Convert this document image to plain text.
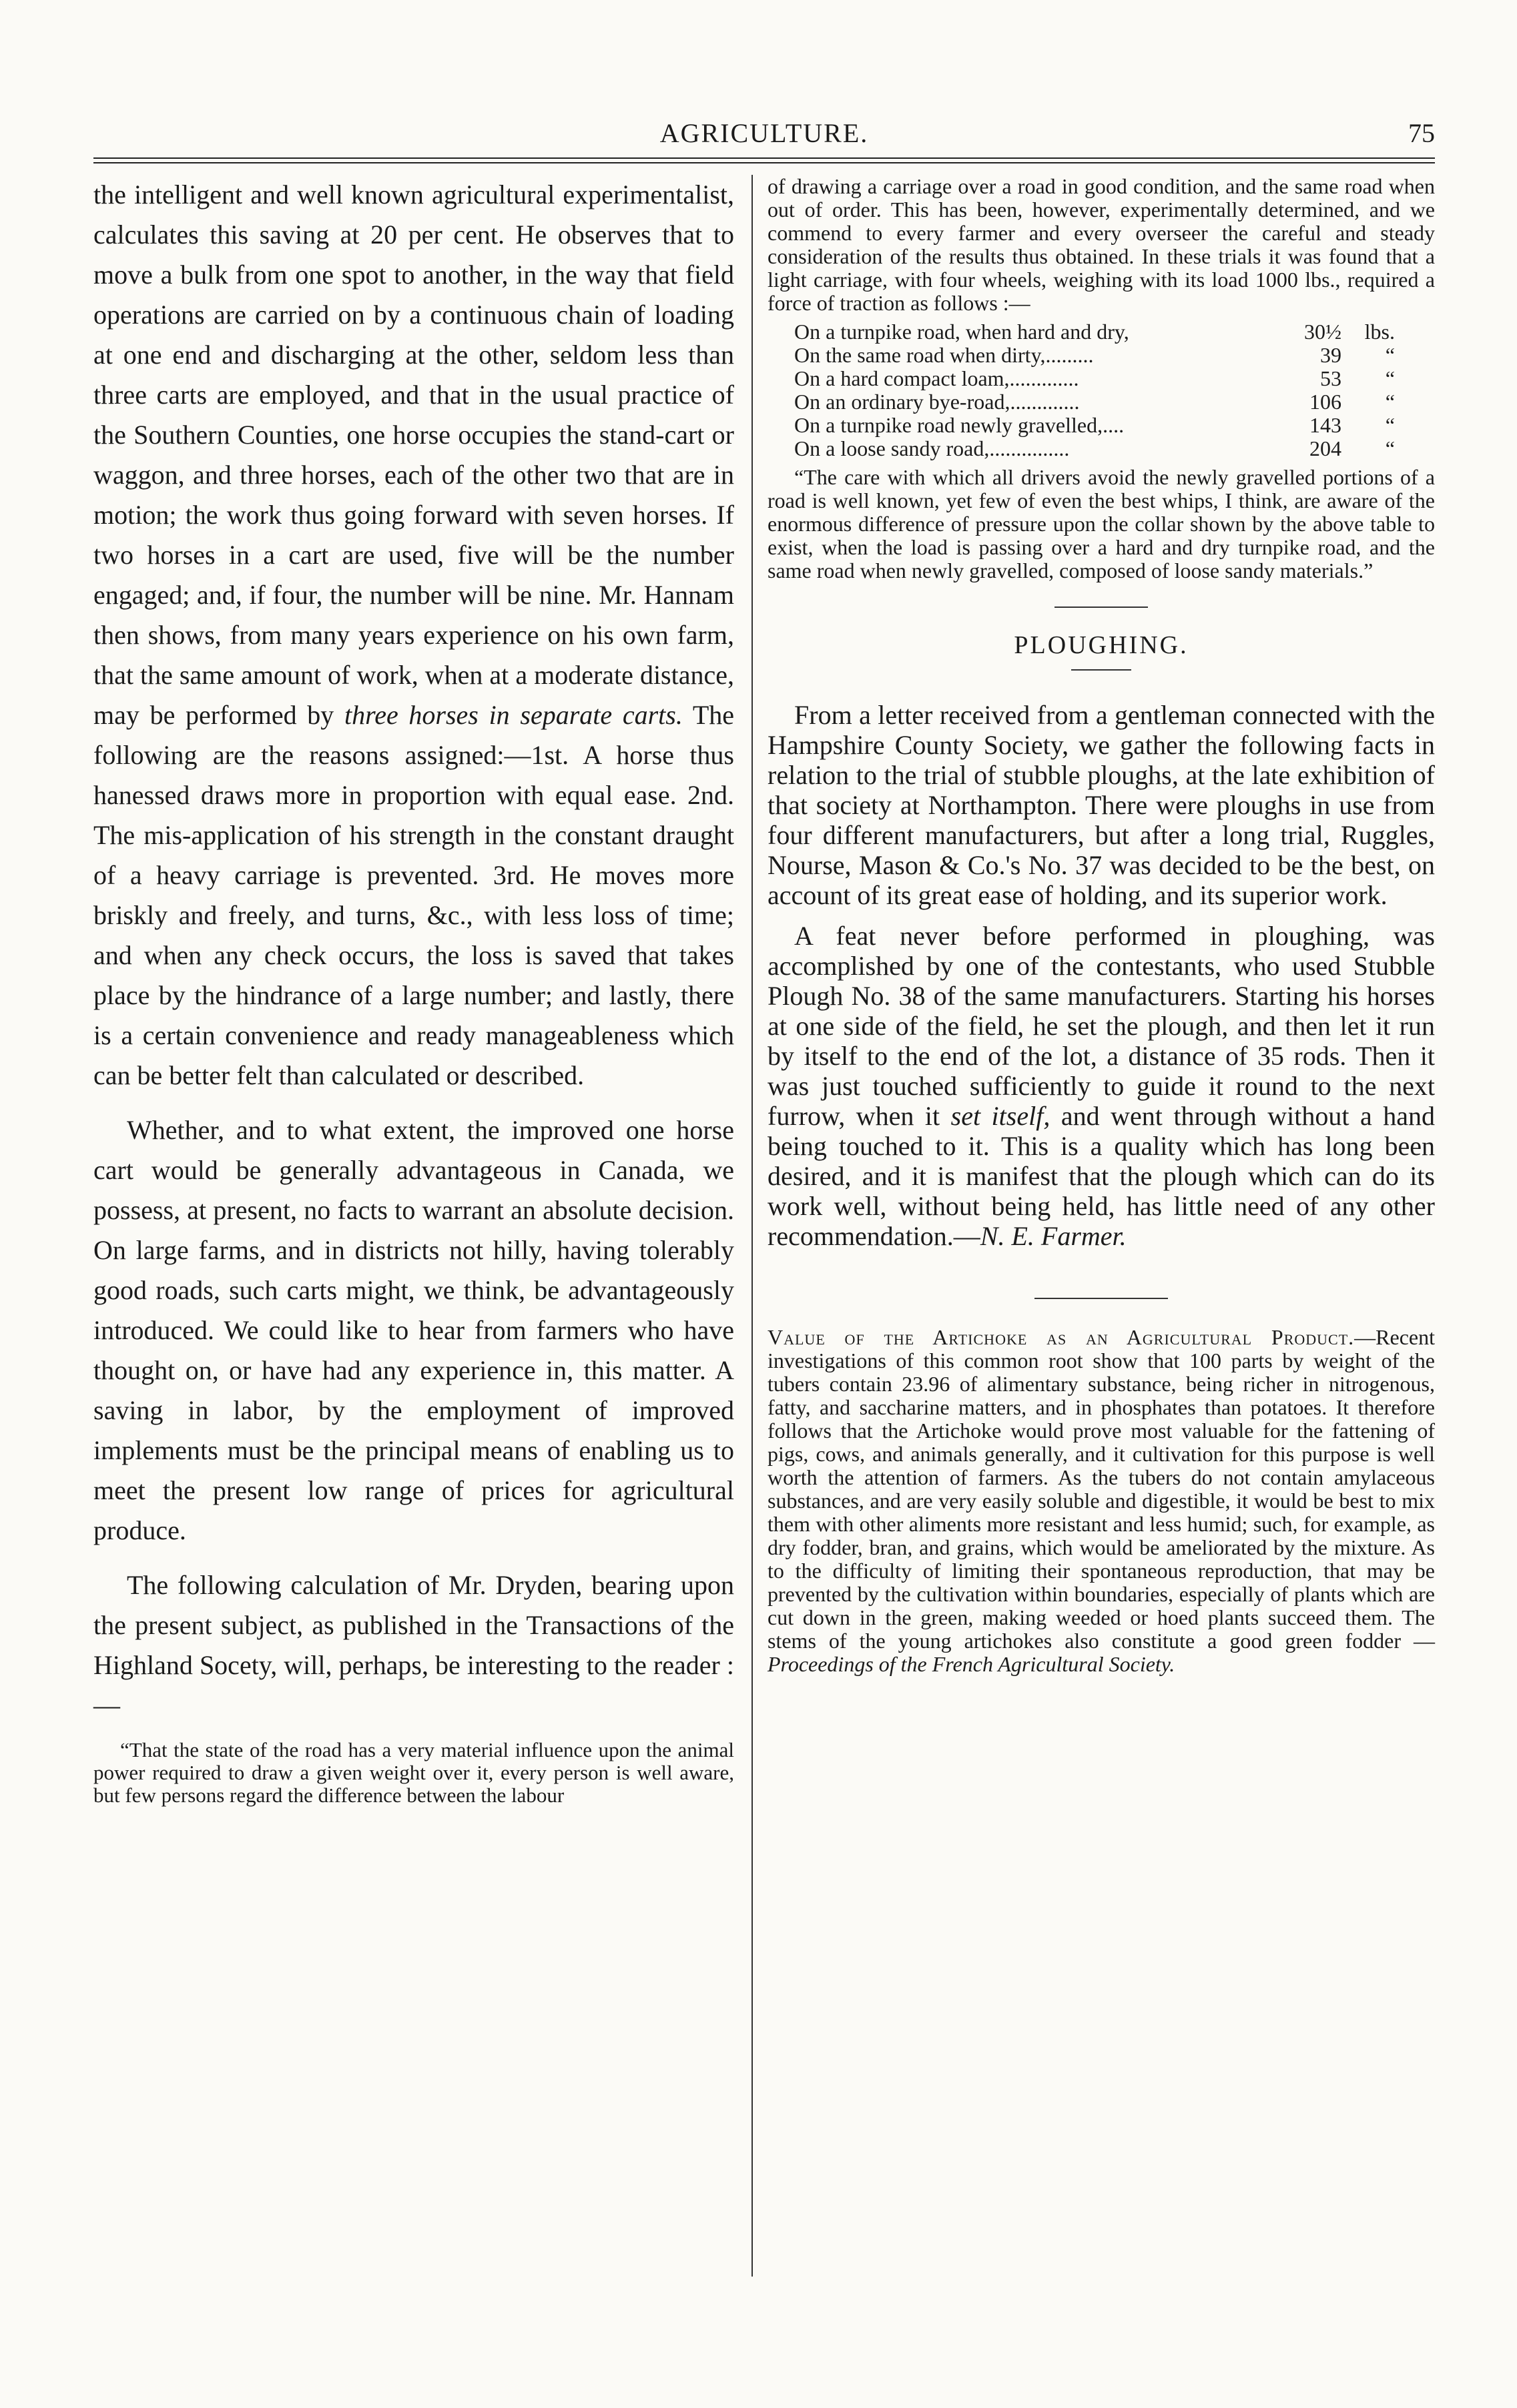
AGRICULTURE.	75

the intelligent and well known agricultural experimentalist, calculates this saving at 20 per cent. He observes that to move a bulk from one spot to another, in the way that field operations are carried on by a continuous chain of loading at one end and discharging at the other, seldom less than three carts are employed, and that in the usual practice of the Southern Counties, one horse occupies the stand-cart or waggon, and three horses, each of the other two that are in motion; the work thus going forward with seven horses. If two horses in a cart are used, five will be the number engaged; and, if four, the number will be nine. Mr. Hannam then shows, from many years experience on his own farm, that the same amount of work, when at a moderate distance, may be performed by three horses in separate carts. The following are the reasons assigned:—1st. A horse thus hanessed draws more in proportion with equal ease. 2nd. The mis-application of his strength in the constant draught of a heavy carriage is prevented. 3rd. He moves more briskly and freely, and turns, &c., with less loss of time; and when any check occurs, the loss is saved that takes place by the hindrance of a large number; and lastly, there is a certain convenience and ready manageableness which can be better felt than calculated or described.

Whether, and to what extent, the improved one horse cart would be generally advantageous in Canada, we possess, at present, no facts to warrant an absolute decision. On large farms, and in districts not hilly, having tolerably good roads, such carts might, we think, be advantageously introduced. We could like to hear from farmers who have thought on, or have had any experience in, this matter. A saving in labor, by the employment of improved implements must be the principal means of enabling us to meet the present low range of prices for agricultural produce.

The following calculation of Mr. Dryden, bearing upon the present subject, as published in the Transactions of the Highland Socety, will, perhaps, be interesting to the reader :—

“That the state of the road has a very material influence upon the animal power required to draw a given weight over it, every person is well aware, but few persons regard the difference between the labour

of drawing a carriage over a road in good condition, and the same road when out of order. This has been, however, experimentally determined, and we commend to every farmer and every overseer the careful and steady consideration of the results thus obtained. In these trials it was found that a light carriage, with four wheels, weighing with its load 1000 lbs., required a force of traction as follows :—

On a turnpike road, when hard and dry,	30½	lbs.
On the same road when dirty,.........	39	“
On a hard compact loam,.............	53	“
On an ordinary bye-road,.............	106	“
On a turnpike road newly gravelled,....	143	“
On a loose sandy road,...............	204	“

“The care with which all drivers avoid the newly gravelled portions of a road is well known, yet few of even the best whips, I think, are aware of the enormous difference of pressure upon the collar shown by the above table to exist, when the load is passing over a hard and dry turnpike road, and the same road when newly gravelled, composed of loose sandy materials.”

PLOUGHING.

From a letter received from a gentleman connected with the Hampshire County Society, we gather the following facts in relation to the trial of stubble ploughs, at the late exhibition of that society at Northampton. There were ploughs in use from four different manufacturers, but after a long trial, Ruggles, Nourse, Mason & Co.'s No. 37 was decided to be the best, on account of its great ease of holding, and its superior work.

A feat never before performed in ploughing, was accomplished by one of the contestants, who used Stubble Plough No. 38 of the same manufacturers. Starting his horses at one side of the field, he set the plough, and then let it run by itself to the end of the lot, a distance of 35 rods. Then it was just touched sufficiently to guide it round to the next furrow, when it set itself, and went through without a hand being touched to it. This is a quality which has long been desired, and it is manifest that the plough which can do its work well, without being held, has little need of any other recommendation.—N. E. Farmer.

Value of the Artichoke as an Agricultural Product.—Recent investigations of this common root show that 100 parts by weight of the tubers contain 23.96 of alimentary substance, being richer in nitrogenous, fatty, and saccharine matters, and in phosphates than potatoes. It therefore follows that the Artichoke would prove most valuable for the fattening of pigs, cows, and animals generally, and it cultivation for this purpose is well worth the attention of farmers. As the tubers do not contain amylaceous substances, and are very easily soluble and digestible, it would be best to mix them with other aliments more resistant and less humid; such, for example, as dry fodder, bran, and grains, which would be ameliorated by the mixture. As to the difficulty of limiting their spontaneous reproduction, that may be prevented by the cultivation within boundaries, especially of plants which are cut down in the green, making weeded or hoed plants succeed them. The stems of the young artichokes also constitute a good green fodder —Proceedings of the French Agricultural Society.
